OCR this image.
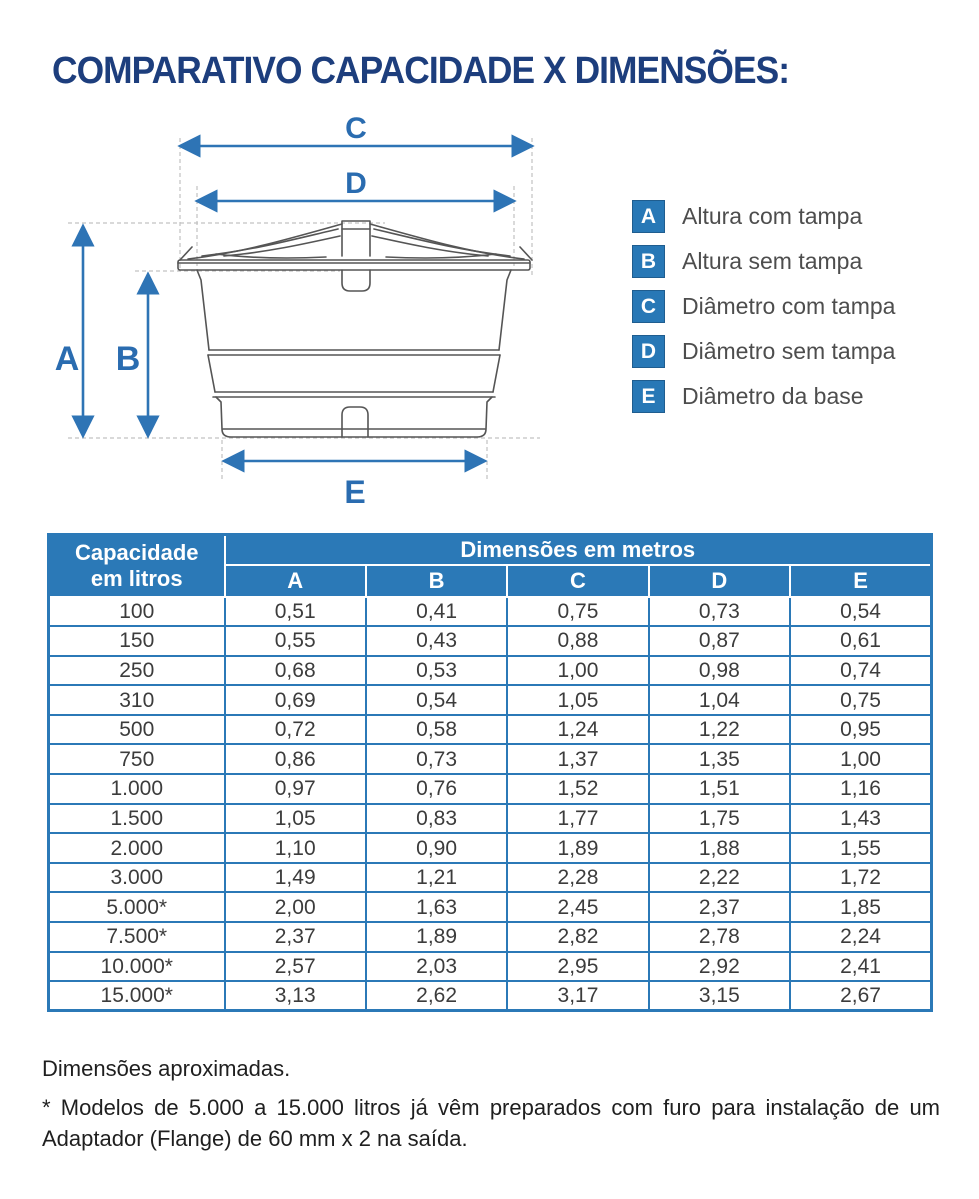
COMPARATIVO CAPACIDADE X DIMENSÕES:
C
D
A B
E
A	Altura com tampa
B	Altura sem tampa
C	Diâmetro com tampa
D	Diâmetro sem tampa
E	Diâmetro da base
Capacidade
em litros	Dimensões em metros				
	A	B	C	D	E
100	0,51	0,41	0,75	0,73	0,54
150	0,55	0,43	0,88	0,87	0,61
250	0,68	0,53	1,00	0,98	0,74
310	0,69	0,54	1,05	1,04	0,75
500	0,72	0,58	1,24	1,22	0,95
750	0,86	0,73	1,37	1,35	1,00
1.000	0,97	0,76	1,52	1,51	1,16
1.500	1,05	0,83	1,77	1,75	1,43
2.000	1,10	0,90	1,89	1,88	1,55
3.000	1,49	1,21	2,28	2,22	1,72
5.000*	2,00	1,63	2,45	2,37	1,85
7.500*	2,37	1,89	2,82	2,78	2,24
10.000*	2,57	2,03	2,95	2,92	2,41
15.000*	3,13	2,62	3,17	3,15	2,67

Dimensões aproximadas.

* Modelos de 5.000 a 15.000 litros já vêm preparados com furo para instalação de um Adaptador (Flange) de 60 mm x 2 na saída.
